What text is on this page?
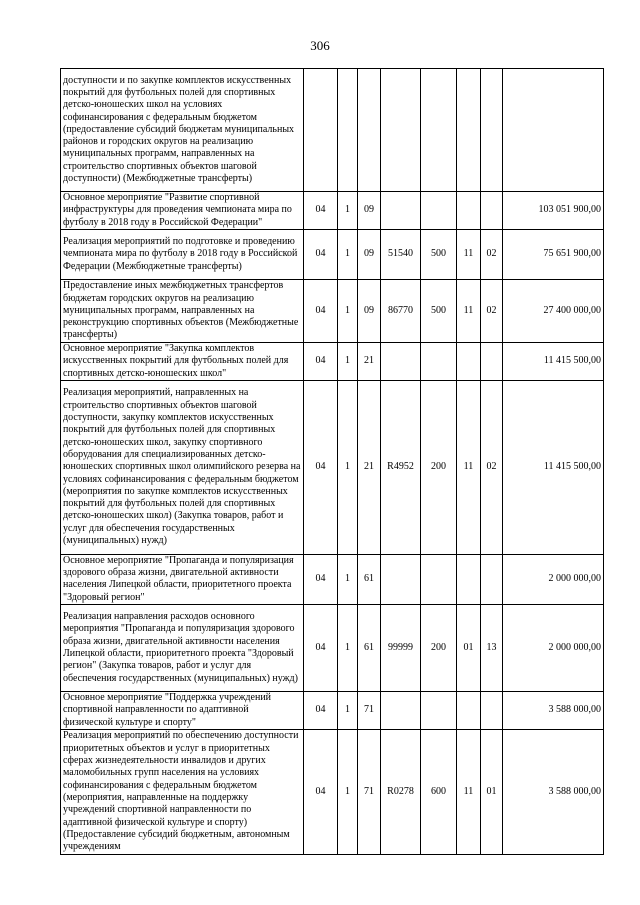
306
доступности и по закупке комплектов искусственных покрытий для футбольных полей для спортивных детско-юношеских школ на условиях софинансирования с федеральным бюджетом (предоставление субсидий бюджетам муниципальных районов и городских округов на реализацию муниципальных программ, направленных на строительство спортивных объектов шаговой доступности) (Межбюджетные трансферты)								
Основное мероприятие "Развитие спортивной инфраструктуры для проведения чемпионата мира по футболу в 2018 году в Российской Федерации"	04	1	09					103 051 900,00
Реализация мероприятий по подготовке и проведению чемпионата мира по футболу в 2018 году в Российской Федерации (Межбюджетные трансферты)	04	1	09	51540	500	11	02	75 651 900,00
Предоставление иных межбюджетных трансфертов бюджетам городских округов на реализацию муниципальных программ, направленных на реконструкцию спортивных объектов (Межбюджетные трансферты)	04	1	09	86770	500	11	02	27 400 000,00
Основное мероприятие "Закупка комплектов искусственных покрытий для футбольных полей для спортивных детско-юношеских школ"	04	1	21					11 415 500,00
Реализация мероприятий, направленных на строительство спортивных объектов шаговой доступности, закупку комплектов искусственных покрытий для футбольных полей для спортивных детско-юношеских школ, закупку спортивного оборудования для специализированных детско-юношеских спортивных школ олимпийского резерва на условиях софинансирования с федеральным бюджетом (мероприятия по закупке комплектов искусственных покрытий для футбольных полей для спортивных детско-юношеских школ) (Закупка товаров, работ и услуг для обеспечения государственных (муниципальных) нужд)	04	1	21	R4952	200	11	02	11 415 500,00
Основное мероприятие "Пропаганда и популяризация здорового образа жизни, двигательной активности населения Липецкой области, приоритетного проекта "Здоровый регион"	04	1	61					2 000 000,00
Реализация направления расходов основного мероприятия "Пропаганда и популяризация здорового образа жизни, двигательной активности населения Липецкой области, приоритетного проекта "Здоровый регион" (Закупка товаров, работ и услуг для обеспечения государственных (муниципальных) нужд)	04	1	61	99999	200	01	13	2 000 000,00
Основное мероприятие "Поддержка учреждений спортивной направленности по адаптивной физической культуре и спорту"	04	1	71					3 588 000,00
Реализация мероприятий по обеспечению доступности приоритетных объектов и услуг в приоритетных сферах жизнедеятельности инвалидов и других маломобильных групп населения на условиях софинансирования с федеральным бюджетом (мероприятия, направленные на поддержку учреждений спортивной направленности по адаптивной физической культуре и спорту) (Предоставление субсидий бюджетным, автономным учреждениям	04	1	71	R0278	600	11	01	3 588 000,00
